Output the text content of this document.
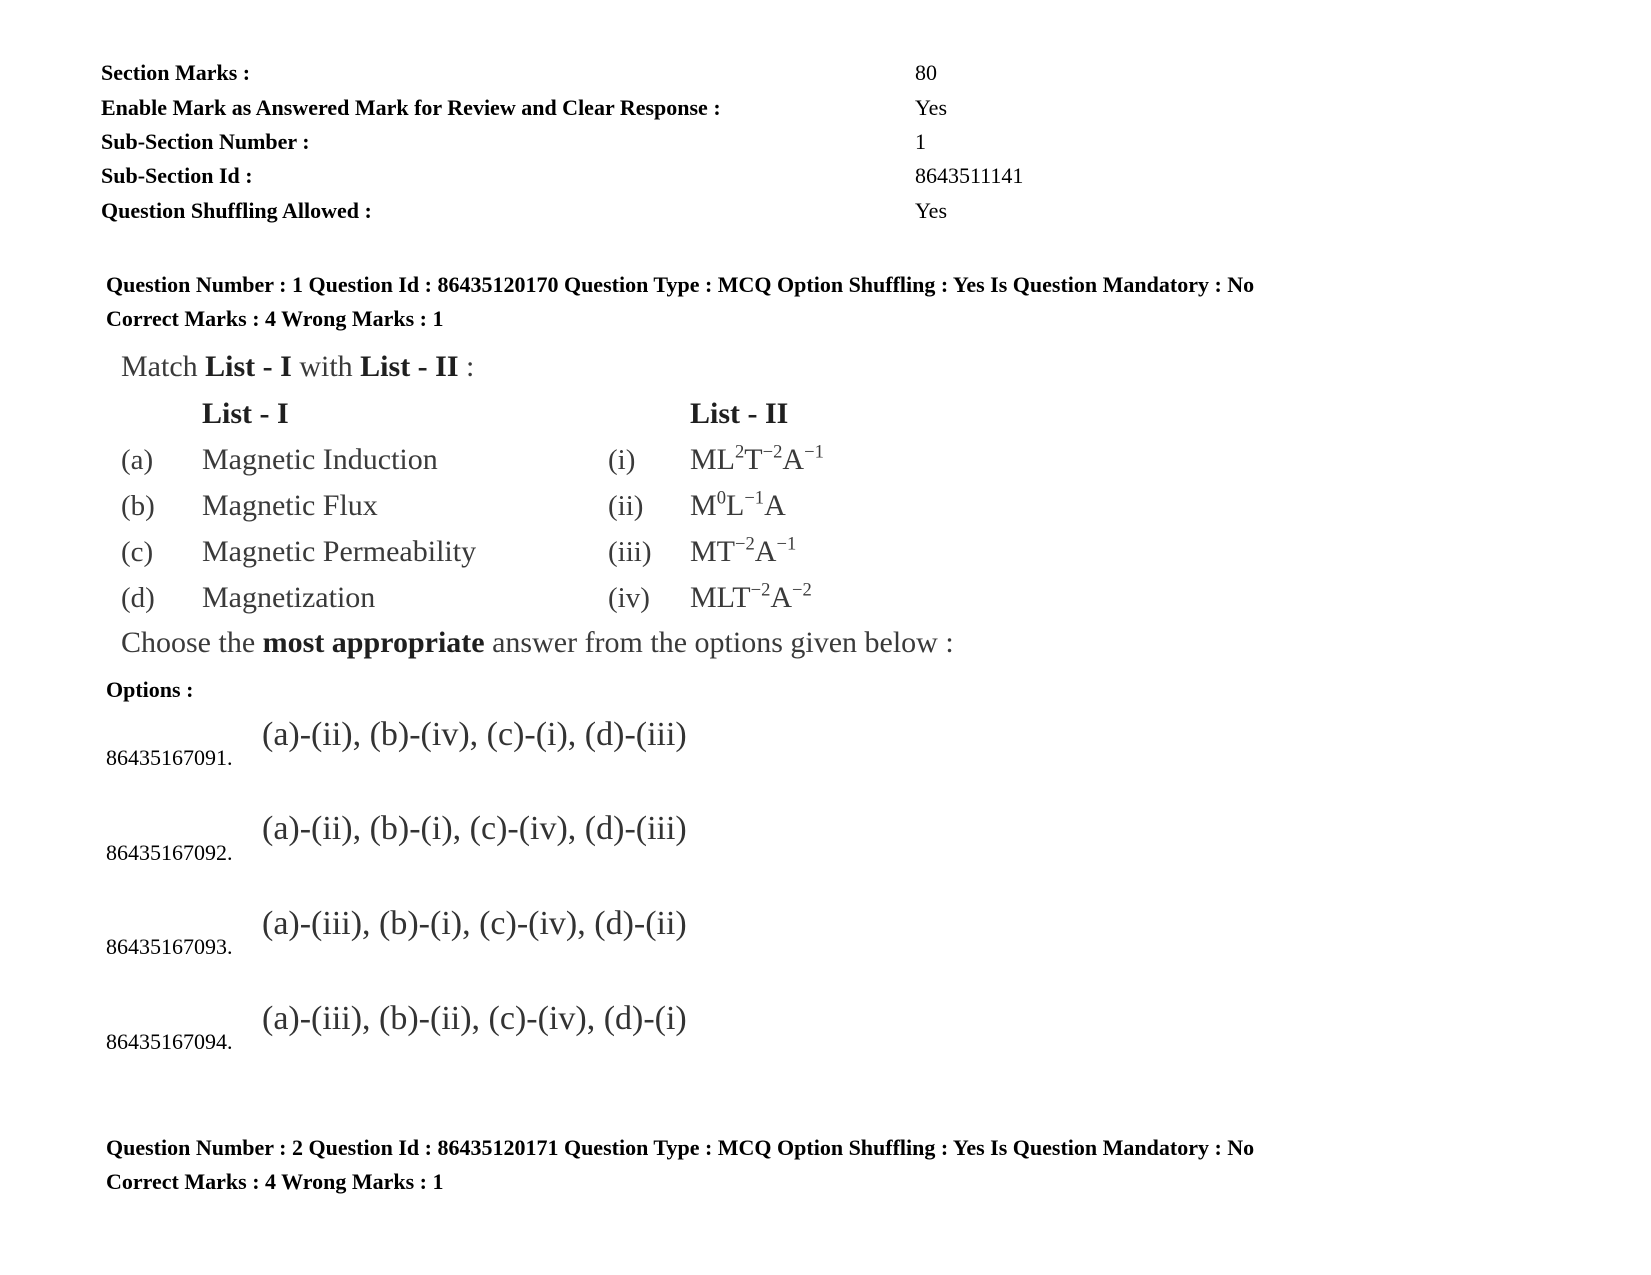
Section Marks :	80
Enable Mark as Answered Mark for Review and Clear Response :	Yes
Sub-Section Number :	1
Sub-Section Id :	8643511141
Question Shuffling Allowed :	Yes
Question Number : 1 Question Id : 86435120170 Question Type : MCQ Option Shuffling : Yes Is Question Mandatory : No
Correct Marks : 4 Wrong Marks : 1
Match List - I with List - II :
List - I	List - II
(a) Magnetic Induction	(i) $ML^2T^{-2}A^{-1}$
(b) Magnetic Flux	(ii) $M^0L^{-1}A$
(c) Magnetic Permeability	(iii) $MT^{-2}A^{-1}$
(d) Magnetization	(iv) $MLT^{-2}A^{-2}$
Choose the most appropriate answer from the options given below :
Options :
(a)-(ii), (b)-(iv), (c)-(i), (d)-(iii)
86435167091.
(a)-(ii), (b)-(i), (c)-(iv), (d)-(iii)
86435167092.
(a)-(iii), (b)-(i), (c)-(iv), (d)-(ii)
86435167093.
(a)-(iii), (b)-(ii), (c)-(iv), (d)-(i)
86435167094.
Question Number : 2 Question Id : 86435120171 Question Type : MCQ Option Shuffling : Yes Is Question Mandatory : No
Correct Marks : 4 Wrong Marks : 1
